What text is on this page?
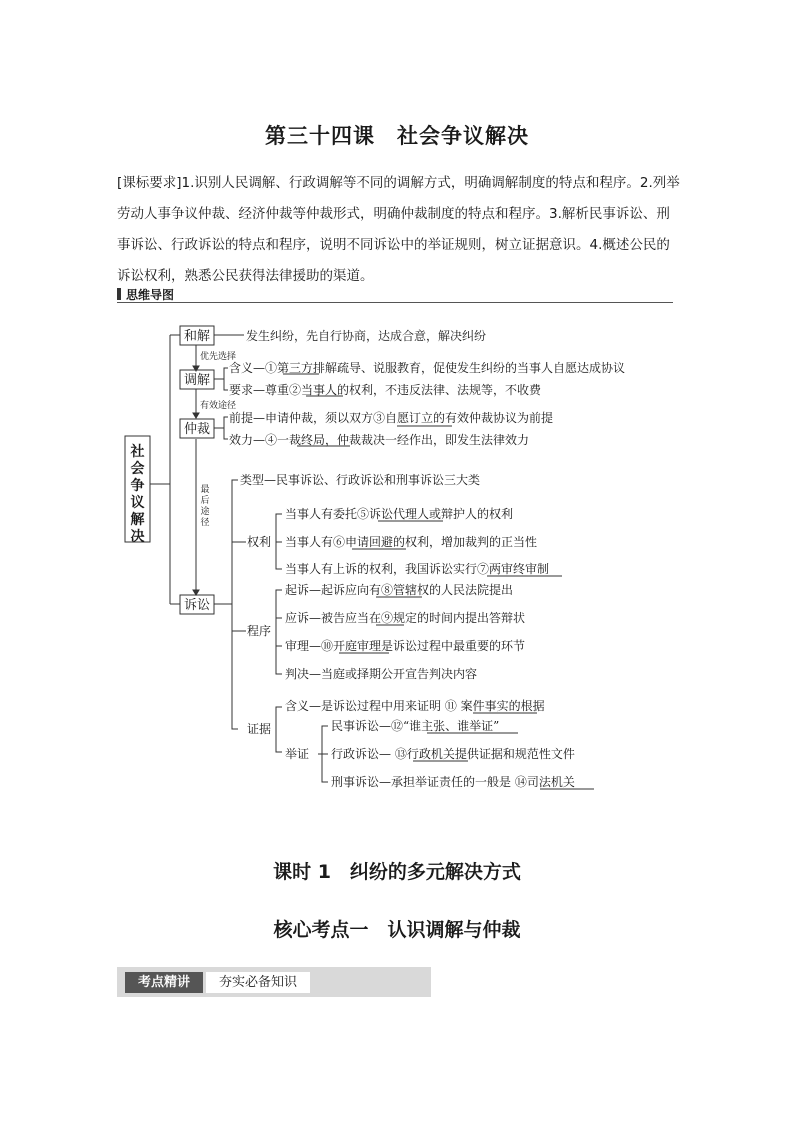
第三十四课　社会争议解决
[课标要求]1.识别人民调解、行政调解等不同的调解方式，明确调解制度的特点和程序。2.列举劳动人事争议仲裁、经济仲裁等仲裁形式，明确仲裁制度的特点和程序。3.解析民事诉讼、刑事诉讼、行政诉讼的特点和程序，说明不同诉讼中的举证规则，树立证据意识。4.概述公民的诉讼权利，熟悉公民获得法律援助的渠道。
思维导图
社
会
争
议
解
决
和解
调解
仲裁
诉讼
优先选择
有效途径
最
后
途
径
发生纠纷，先自行协商，达成合意，解决纠纷
含义—①第三方排解疏导、说服教育，促使发生纠纷的当事人自愿达成协议
要求—尊重②当事人的权利，不违反法律、法规等，不收费
前提—申请仲裁，须以双方③自愿订立的有效仲裁协议为前提
效力—④一裁终局，仲裁裁决一经作出，即发生法律效力
类型—民事诉讼、行政诉讼和刑事诉讼三大类
权利
当事人有委托⑤诉讼代理人或辩护人的权利
当事人有⑥申请回避的权利，增加裁判的正当性
当事人有上诉的权利，我国诉讼实行⑦两审终审制
程序
起诉—起诉应向有⑧管辖权的人民法院提出
应诉—被告应当在⑨规定的时间内提出答辩状
审理—⑩开庭审理是诉讼过程中最重要的环节
判决—当庭或择期公开宣告判决内容
证据
含义—是诉讼过程中用来证明 ⑪ 案件事实的根据
举证
民事诉讼—⑫“谁主张、谁举证”
行政诉讼— ⑬行政机关提供证据和规范性文件
刑事诉讼—承担举证责任的一般是 ⑭司法机关
课时 1　纠纷的多元解决方式
核心考点一　认识调解与仲裁
考点精讲	夯实必备知识
